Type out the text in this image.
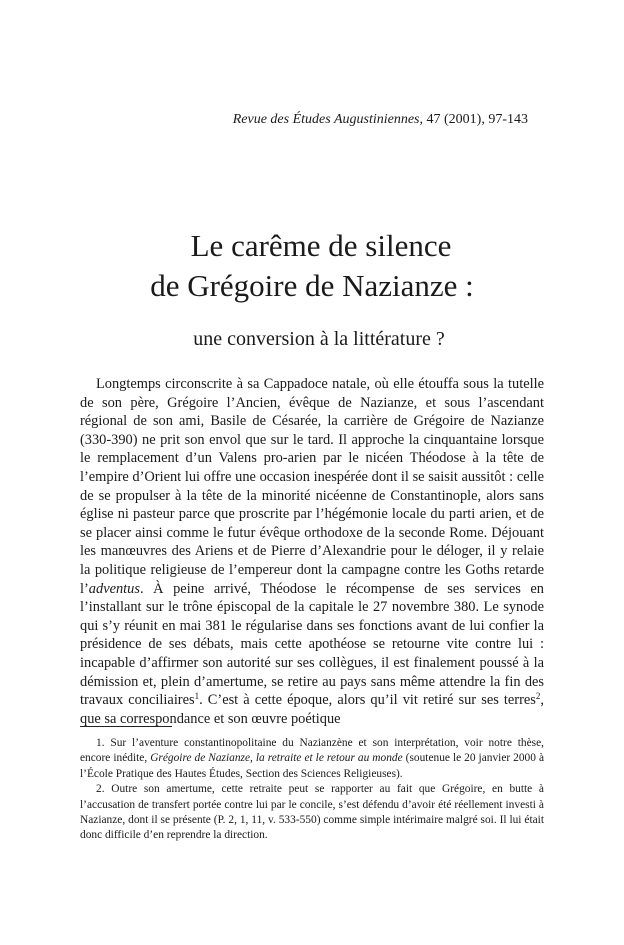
Revue des Études Augustiniennes, 47 (2001), 97-143
Le carême de silence
de Grégoire de Nazianze :
une conversion à la littérature ?

Longtemps circonscrite à sa Cappadoce natale, où elle étouffa sous la tutelle de son père, Grégoire l’Ancien, évêque de Nazianze, et sous l’ascendant régional de son ami, Basile de Césarée, la carrière de Grégoire de Nazianze (330-390) ne prit son envol que sur le tard. Il approche la cinquantaine lorsque le remplacement d’un Valens pro-arien par le nicéen Théodose à la tête de l’empire d’Orient lui offre une occasion inespérée dont il se saisit aussitôt : celle de se propulser à la tête de la minorité nicéenne de Constantinople, alors sans église ni pasteur parce que proscrite par l’hégémonie locale du parti arien, et de se placer ainsi comme le futur évêque orthodoxe de la seconde Rome. Déjouant les manœuvres des Ariens et de Pierre d’Alexandrie pour le déloger, il y relaie la politique religieuse de l’empereur dont la campagne contre les Goths retarde l’adventus. À peine arrivé, Théodose le récompense de ses services en l’installant sur le trône épiscopal de la capitale le 27 novembre 380. Le synode qui s’y réunit en mai 381 le régularise dans ses fonctions avant de lui confier la présidence de ses débats, mais cette apothéose se retourne vite contre lui : incapable d’affirmer son autorité sur ses collègues, il est finalement poussé à la démission et, plein d’amertume, se retire au pays sans même attendre la fin des travaux conciliaires$^1$. C’est à cette époque, alors qu’il vit retiré sur ses terres$^2$, que sa correspondance et son œuvre poétique

1. Sur l’aventure constantinopolitaine du Nazianzène et son interprétation, voir notre thèse, encore inédite, Grégoire de Nazianze, la retraite et le retour au monde (soutenue le 20 janvier 2000 à l’École Pratique des Hautes Études, Section des Sciences Religieuses).

2. Outre son amertume, cette retraite peut se rapporter au fait que Grégoire, en butte à l’accusation de transfert portée contre lui par le concile, s’est défendu d’avoir été réellement investi à Nazianze, dont il se présente (P. 2, 1, 11, v. 533-550) comme simple intérimaire malgré soi. Il lui était donc difficile d’en reprendre la direction.
